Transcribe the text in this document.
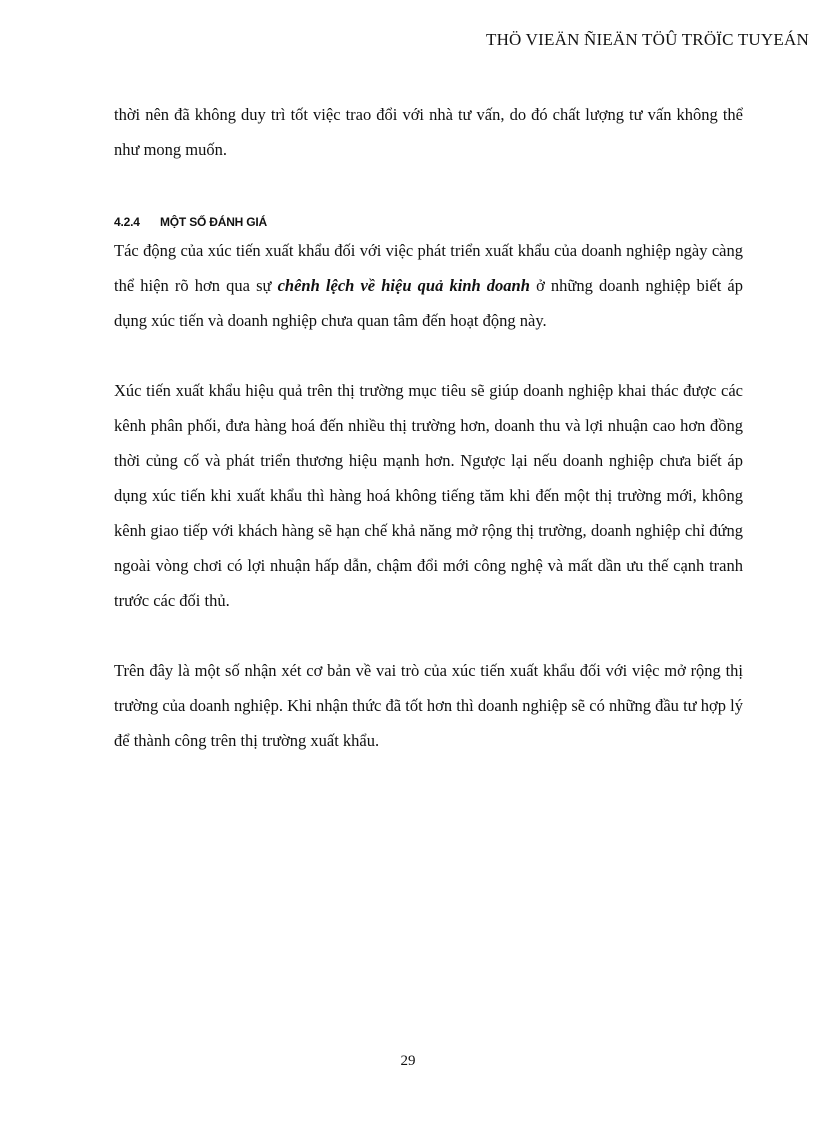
THÖ VIEÄN ÑIEÄN TÖÛ TRÖÏC TUYEÁN

thời nên đã không duy trì tốt việc trao đổi với nhà tư vấn, do đó chất lượng tư vấn không thể như mong muốn.

4.2.4	MỘT SỐ ĐÁNH GIÁ

Tác động của xúc tiến xuất khẩu đối với việc phát triển xuất khẩu của doanh nghiệp ngày càng thể hiện rõ hơn qua sự chênh lệch về hiệu quả kinh doanh ở những doanh nghiệp biết áp dụng xúc tiến và doanh nghiệp chưa quan tâm đến hoạt động này.

Xúc tiến xuất khẩu hiệu quả trên thị trường mục tiêu sẽ giúp doanh nghiệp khai thác được các kênh phân phối, đưa hàng hoá đến nhiều thị trường hơn, doanh thu và lợi nhuận cao hơn đồng thời củng cố và phát triển thương hiệu mạnh hơn. Ngược lại nếu doanh nghiệp chưa biết áp dụng xúc tiến khi xuất khẩu thì hàng hoá không tiếng tăm khi đến một thị trường mới, không kênh giao tiếp với khách hàng sẽ hạn chế khả năng mở rộng thị trường, doanh nghiệp chỉ đứng ngoài vòng chơi có lợi nhuận hấp dẫn, chậm đổi mới công nghệ và mất dần ưu thế cạnh tranh trước các đối thủ.

Trên đây là một số nhận xét cơ bản về vai trò của xúc tiến xuất khẩu đối với việc mở rộng thị trường của doanh nghiệp. Khi nhận thức đã tốt hơn thì doanh nghiệp sẽ có những đầu tư hợp lý để thành công trên thị trường xuất khẩu.

29
